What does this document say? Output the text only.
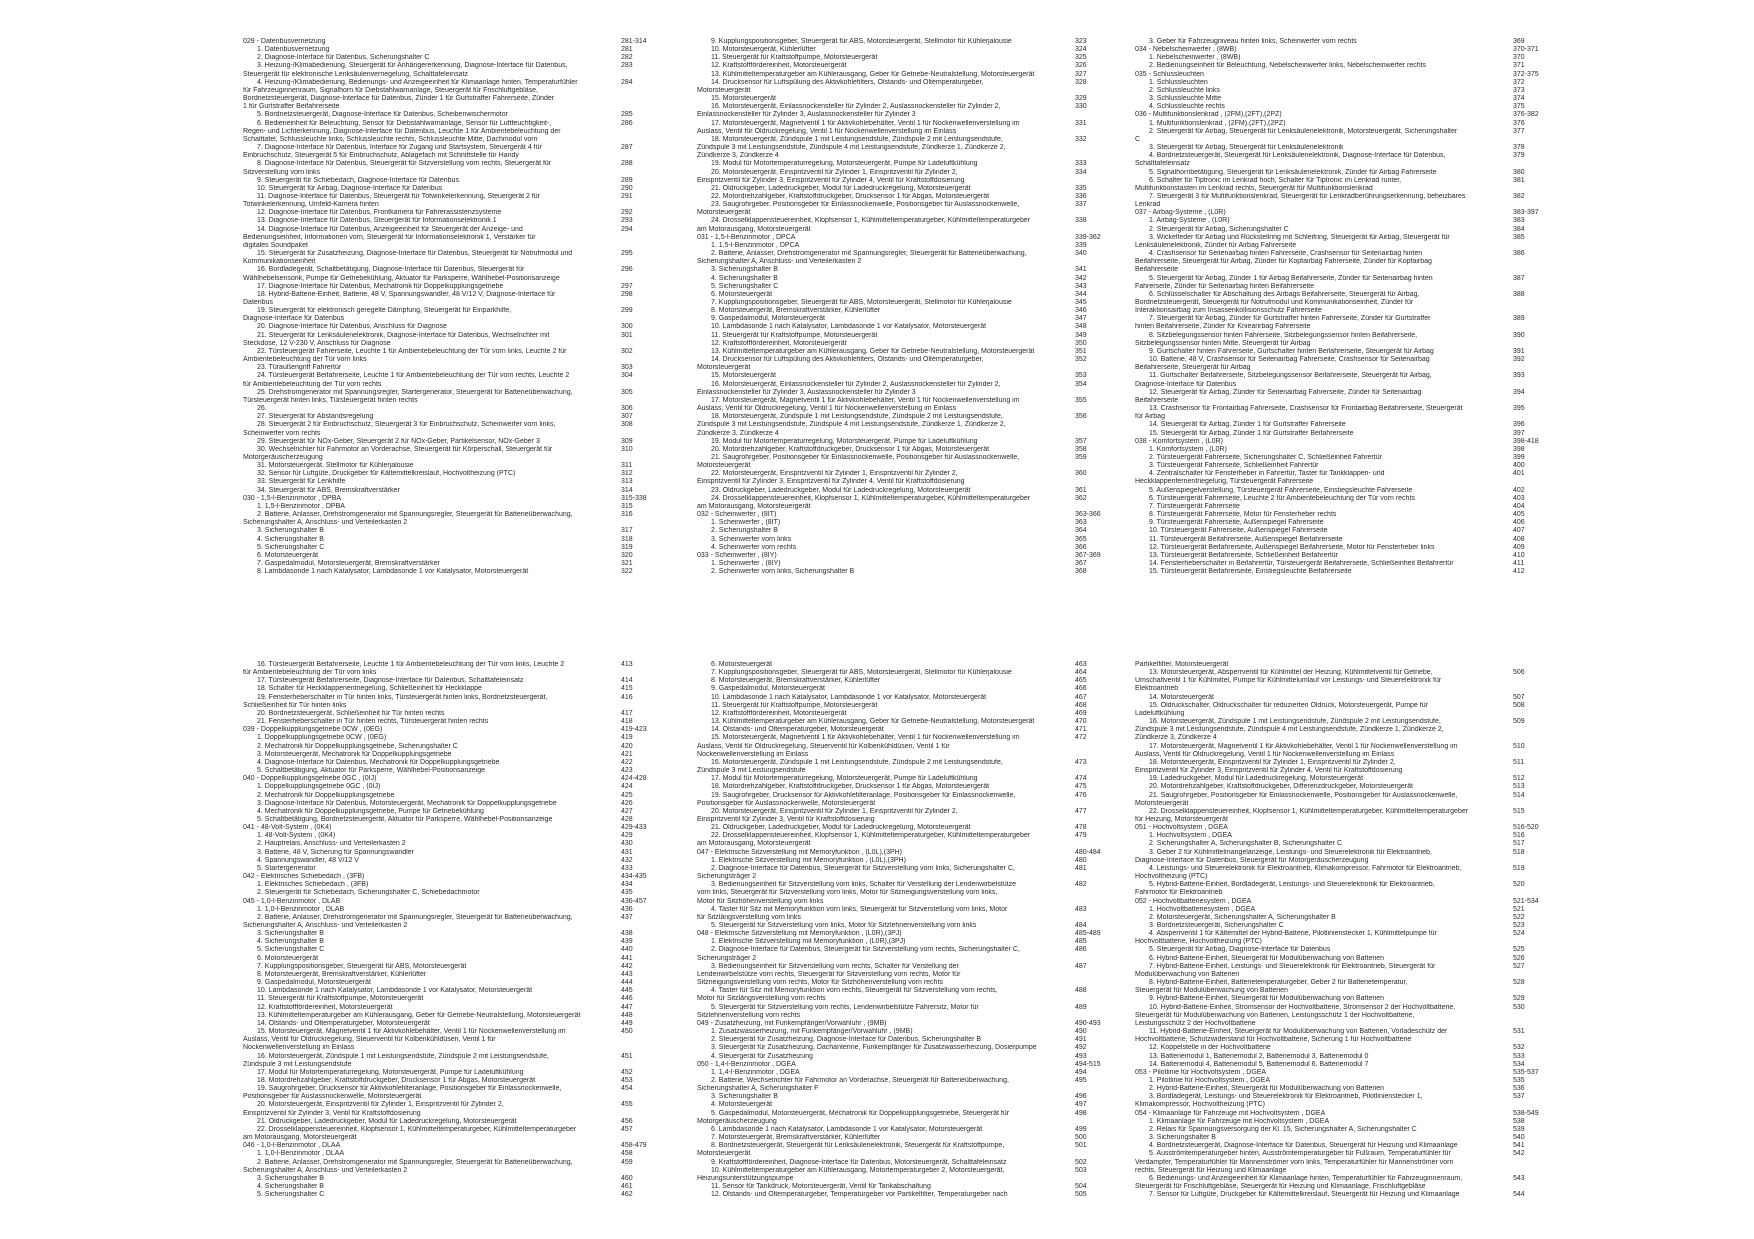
029 - Datenbusvernetzung	281-314
1. Datenbusvernetzung	281
2. Diagnose-Interface für Datenbus, Sicherungshalter C	282
3. Heizung-/Klimabedienung, Steuergerät für Anhängererkennung, Diagnose-Interface für Datenbus,	283
Steuergerät für elektronische Lenksäulenverriegelung, Schalttafeleinsatz
4. Heizung-/Klimabedienung, Bedienungs- und Anzeigeeinheit für Klimaanlage hinten, Temperaturfühler	284
für Fahrzeuginnenraum, Signalhorn für Diebstahlwarnanlage, Steuergerät für Frischluftgebläse,
Bordnetzsteuergerät, Diagnose-Interface für Datenbus, Zünder 1 für Gurtstraffer Fahrerseite, Zünder
1 für Gurtstraffer Beifahrerseite
5. Bordnetzsteuergerät, Diagnose-Interface für Datenbus, Scheibenwischermotor	285
6. Bedieneinheit für Beleuchtung, Sensor für Diebstahlwarnanlage, Sensor für Luftfeuchtigkeit-,	286
Regen- und Lichterkennung, Diagnose-Interface für Datenbus, Leuchte 1 für Ambientebeleuchtung der
Schalttafel, Schlussleuchte links, Schlussleuchte rechts, Schlussleuchte Mitte, Dachmodul vorn
7. Diagnose-Interface für Datenbus, Interface für Zugang und Startsystem, Steuergerät 4 für	287
Einbruchschutz, Steuergerät 5 für Einbruchschutz, Ablagefach mit Schnittstelle für Handy
8. Diagnose-Interface für Datenbus, Steuergerät für Sitzverstellung vorn rechts, Steuergerät für	288
Sitzverstellung vorn links
9. Steuergerät für Schiebedach, Diagnose-Interface für Datenbus	289
10. Steuergerät für Airbag, Diagnose-Interface für Datenbus	290
11. Diagnose-Interface für Datenbus, Steuergerät für Totwinkelerkennung, Steuergerät 2 für	291
Totwinkelerkennung, Umfeld-Kamera hinten
12. Diagnose-Interface für Datenbus, Frontkamera für Fahrerassistenzsysteme	292
13. Diagnose-Interface für Datenbus, Steuergerät für Informationselektronik 1	293
14. Diagnose-Interface für Datenbus, Anzeigeeinheit für Steuergerät der Anzeige- und	294
Bedienungseinheit, Informationen vorn, Steuergerät für Informationselektronik 1, Verstärker für
digitales Soundpaket
15. Steuergerät für Zusatzheizung, Diagnose-Interface für Datenbus, Steuergerät für Notrufmodul und	295
Kommunikationseinheit
16. Bordladegerät, Schaltbetätigung, Diagnose-Interface für Datenbus, Steuergerät für	296
Wählhebelsensorik, Pumpe für Getriebekühlung, Aktuator für Parksperre, Wählhebel-Positionsanzeige
17. Diagnose-Interface für Datenbus, Mechatronik für Doppelkupplungsgetriebe	297
18. Hybrid-Batterie-Einheit, Batterie, 48 V, Spannungswandler, 48 V/12 V, Diagnose-Interface für	298
Datenbus
19. Steuergerät für elektronisch geregelte Dämpfung, Steuergerät für Einparkhilfe,	299
Diagnose-Interface für Datenbus
20. Diagnose-Interface für Datenbus, Anschluss für Diagnose	300
21. Steuergerät für Lenksäulenelektronik, Diagnose-Interface für Datenbus, Wechselrichter mit	301
Steckdose, 12 V-230 V, Anschluss für Diagnose
22. Türsteuergerät Fahrerseite, Leuchte 1 für Ambientebeleuchtung der Tür vorn links, Leuchte 2 für	302
Ambientebeleuchtung der Tür vorn links
23. Türaußengriff Fahrertür	303
24. Türsteuergerät Beifahrerseite, Leuchte 1 für Ambientebeleuchtung der Tür vorn rechts, Leuchte 2	304
für Ambientebeleuchtung der Tür vorn rechts
25. Drehstromgenerator mit Spannungsregler, Startergenerator, Steuergerät für Batterieüberwachung,	305
Türsteuergerät hinten links, Türsteuergerät hinten rechts
26.	306
27. Steuergerät für Abstandsregelung	307
28. Steuergerät 2 für Einbruchschutz, Steuergerät 3 für Einbruchschutz, Scheinwerfer vorn links,	308
Scheinwerfer vorn rechts
29. Steuergerät für NOx-Geber, Steuergerät 2 für NOx-Geber, Partikelsensor, NOx-Geber 3	309
30. Wechselrichter für Fahrmotor an Vorderachse, Steuergerät für Körperschall, Steuergerät für	310
Motorgeräuscherzeugung
31. Motorsteuergerät, Stellmotor für Kühlerjalousie	311
32. Sensor für Luftgüte, Druckgeber für Kältemittelkreislauf, Hochvoltheizung (PTC)	312
33. Steuergerät für Lenkhilfe	313
34. Steuergerät für ABS, Bremskraftverstärker	314
030 - 1,5-l-Benzinmotor , DPBA	315-338
1. 1,5-l-Benzinmotor , DPBA	315
2. Batterie, Anlasser, Drehstromgenerator mit Spannungsregler, Steuergerät für Batterieüberwachung,	316
Sicherungshalter A, Anschluss- und Verteilerkasten 2
3. Sicherungshalter B	317
4. Sicherungshalter B	318
5. Sicherungshalter C	319
6. Motorsteuergerät	320
7. Gaspedalmodul, Motorsteuergerät, Bremskraftverstärker	321
8. Lambdasonde 1 nach Katalysator, Lambdasonde 1 vor Katalysator, Motorsteuergerät	322
9. Kupplungspositionsgeber, Steuergerät für ABS, Motorsteuergerät, Stellmotor für Kühlerjalousie	323
10. Motorsteuergerät, Kühlerlüfter	324
11. Steuergerät für Kraftstoffpumpe, Motorsteuergerät	325
12. Kraftstofffördereinheit, Motorsteuergerät	326
13. Kühlmitteltemperaturgeber am Kühlerausgang, Geber für Getriebe-Neutralstellung, Motorsteuergerät	327
14. Drucksensor für Luftspülung des Aktivkohlefilters, Ölstands- und Öltemperaturgeber,	328
Motorsteuergerät
15. Motorsteuergerät	329
16. Motorsteuergerät, Einlassnockensteller für Zylinder 2, Auslassnockensteller für Zylinder 2,	330
Einlassnockensteller für Zylinder 3, Auslassnockensteller für Zylinder 3
17. Motorsteuergerät, Magnetventil 1 für Aktivkohlebehälter, Ventil 1 für Nockenwellenverstellung im	331
Auslass, Ventil für Öldruckregelung, Ventil 1 für Nockenwellenverstellung im Einlass
18. Motorsteuergerät, Zündspule 1 mit Leistungsendstufe, Zündspule 2 mit Leistungsendstufe,	332
Zündspule 3 mit Leistungsendstufe, Zündspule 4 mit Leistungsendstufe, Zündkerze 1, Zündkerze 2,
Zündkerze 3, Zündkerze 4
19. Modul für Motortemperaturregelung, Motorsteuergerät, Pumpe für Ladeluftkühlung	333
20. Motorsteuergerät, Einspritzventil für Zylinder 1, Einspritzventil für Zylinder 2,	334
Einspritzventil für Zylinder 3, Einspritzventil für Zylinder 4, Ventil für Kraftstoffdosierung
21. Öldruckgeber, Ladedruckgeber, Modul für Ladedruckregelung, Motorsteuergerät	335
22. Motordrehzahlgeber, Kraftstoffdruckgeber, Drucksensor 1 für Abgas, Motorsteuergerät	336
23. Saugrohrgeber, Positionsgeber für Einlassnockenwelle, Positionsgeber für Auslassnockenwelle,	337
Motorsteuergerät
24. Drosselklappensteuereinheit, Klopfsensor 1, Kühlmitteltemperaturgeber, Kühlmitteltemperaturgeber	338
am Motorausgang, Motorsteuergerät
031 - 1,5-l-Benzinmotor , DPCA	339-362
1. 1,5-l-Benzinmotor , DPCA	339
2. Batterie, Anlasser, Drehstromgenerator mit Spannungsregler, Steuergerät für Batterieüberwachung,	340
Sicherungshalter A, Anschluss- und Verteilerkasten 2
3. Sicherungshalter B	341
4. Sicherungshalter B	342
5. Sicherungshalter C	343
6. Motorsteuergerät	344
7. Kupplungspositionsgeber, Steuergerät für ABS, Motorsteuergerät, Stellmotor für Kühlerjalousie	345
8. Motorsteuergerät, Bremskraftverstärker, Kühlerlüfter	346
9. Gaspedalmodul, Motorsteuergerät	347
10. Lambdasonde 1 nach Katalysator, Lambdasonde 1 vor Katalysator, Motorsteuergerät	348
11. Steuergerät für Kraftstoffpumpe, Motorsteuergerät	349
12. Kraftstofffördereinheit, Motorsteuergerät	350
13. Kühlmitteltemperaturgeber am Kühlerausgang, Geber für Getriebe-Neutralstellung, Motorsteuergerät	351
14. Drucksensor für Luftspülung des Aktivkohlefilters, Ölstands- und Öltemperaturgeber,	352
Motorsteuergerät
15. Motorsteuergerät	353
16. Motorsteuergerät, Einlassnockensteller für Zylinder 2, Auslassnockensteller für Zylinder 2,	354
Einlassnockensteller für Zylinder 3, Auslassnockensteller für Zylinder 3
17. Motorsteuergerät, Magnetventil 1 für Aktivkohlebehälter, Ventil 1 für Nockenwellenverstellung im	355
Auslass, Ventil für Öldruckregelung, Ventil 1 für Nockenwellenverstellung im Einlass
18. Motorsteuergerät, Zündspule 1 mit Leistungsendstufe, Zündspule 2 mit Leistungsendstufe,	356
Zündspule 3 mit Leistungsendstufe, Zündspule 4 mit Leistungsendstufe, Zündkerze 1, Zündkerze 2,
Zündkerze 3, Zündkerze 4
19. Modul für Motortemperaturregelung, Motorsteuergerät, Pumpe für Ladeluftkühlung	357
20. Motordrehzahlgeber, Kraftstoffdruckgeber, Drucksensor 1 für Abgas, Motorsteuergerät	358
21. Saugrohrgeber, Positionsgeber für Einlassnockenwelle, Positionsgeber für Auslassnockenwelle,	359
Motorsteuergerät
22. Motorsteuergerät, Einspritzventil für Zylinder 1, Einspritzventil für Zylinder 2,	360
Einspritzventil für Zylinder 3, Einspritzventil für Zylinder 4, Ventil für Kraftstoffdosierung
23. Öldruckgeber, Ladedruckgeber, Modul für Ladedruckregelung, Motorsteuergerät	361
24. Drosselklappensteuereinheit, Klopfsensor 1, Kühlmitteltemperaturgeber, Kühlmitteltemperaturgeber	362
am Motorausgang, Motorsteuergerät
032 - Scheinwerfer , (8IT)	363-366
1. Scheinwerfer , (8IT)	363
2. Sicherungshalter B	364
3. Scheinwerfer vorn links	365
4. Scheinwerfer vorn rechts	366
033 - Scheinwerfer , (8IY)	367-369
1. Scheinwerfer , (8IY)	367
2. Scheinwerfer vorn links, Sicherungshalter B	368
3. Geber für Fahrzeugniveau hinten links, Scheinwerfer vorn rechts	369
034 - Nebelscheinwerfer , (8WB)	370-371
1. Nebelscheinwerfer , (8WB)	370
2. Bedienungseinheit für Beleuchtung, Nebelscheinwerfer links, Nebelscheinwerfer rechts	371
035 - Schlussleuchten	372-375
1. Schlussleuchten	372
2. Schlussleuchte links	373
3. Schlussleuchte Mitte	374
4. Schlussleuchte rechts	375
036 - Multifunktionslenkrad , (2FM),(2FT),(2PZ)	376-382
1. Multifunktionslenkrad , (2FM),(2FT),(2PZ)	376
2. Steuergerät für Airbag, Steuergerät für Lenksäulenelektronik, Motorsteuergerät, Sicherungshalter	377
C
3. Steuergerät für Airbag, Steuergerät für Lenksäulenelektronik	378
4. Bordnetzsteuergerät, Steuergerät für Lenksäulenelektronik, Diagnose-Interface für Datenbus,	379
Schalttafeleinsatz
5. Signalhornbetätigung, Steuergerät für Lenksäulenelektronik, Zünder für Airbag Fahrerseite	380
6. Schalter für Tiptronic im Lenkrad hoch, Schalter für Tiptronic im Lenkrad runter,	381
Multifunktionstasten im Lenkrad rechts, Steuergerät für Multifunktionslenkrad
7. Steuergerät 3 für Multifunktionslenkrad, Steuergerät für Lenkradberührungserkennung, beheizbares	382
Lenkrad
037 - Airbag-Systeme , (L0R)	383-397
1. Airbag-Systeme , (L0R)	383
2. Steuergerät für Airbag, Sicherungshalter C	384
3. Wickelfeder für Airbag und Rückstellring mit Schleifring, Steuergerät für Airbag, Steuergerät für	385
Lenksäulenelektronik, Zünder für Airbag Fahrerseite
4. Crashsensor für Seitenairbag hinten Fahrerseite, Crashsensor für Seitenairbag hinten	386
Beifahrerseite, Steuergerät für Airbag, Zünder für Kopfairbag Fahrerseite, Zünder für Kopfairbag
Beifahrerseite
5. Steuergerät für Airbag, Zünder 1 für Airbag Beifahrerseite, Zünder für Seitenairbag hinten	387
Fahrerseite, Zünder für Seitenairbag hinten Beifahrerseite
6. Schlüsselschalter für Abschaltung des Airbags Beifahrerseite, Steuergerät für Airbag,	388
Bordnetzsteuergerät, Steuergerät für Notrufmodul und Kommunikationseinheit, Zünder für
Interaktionsairbag zum Insassenkollisionsschutz Fahrerseite
7. Steuergerät für Airbag, Zünder für Gurtstraffer hinten Fahrerseite, Zünder für Gurtstraffer	389
hinten Beifahrerseite, Zünder für Kniearirbag Fahrerseite
8. Sitzbelegungssensor hinten Fahrerseite, Sitzbelegungssensor hinten Beifahrerseite,	390
Sitzbelegungssensor hinten Mitte, Steuergerät für Airbag
9. Gurtschalter hinten Fahrerseite, Gurtschalter hinten Beifahrerseite, Steuergerät für Airbag	391
10. Batterie, 48 V, Crashsensor für Seitenairbag Fahrerseite, Crashsensor für Seitenairbag	392
Beifahrerseite, Steuergerät für Airbag
11. Gurtschalter Beifahrerseite, Sitzbelegungssensor Beifahrerseite, Steuergerät für Airbag,	393
Diagnose-Interface für Datenbus
12. Steuergerät für Airbag, Zünder für Seitenairbag Fahrerseite, Zünder für Seitenairbag	394
Beifahrerseite
13. Crashsensor für Frontairbag Fahrerseite, Crashsensor für Frontairbag Beifahrerseite, Steuergerät	395
für Airbag
14. Steuergerät für Airbag, Zünder 1 für Gurtstraffer Fahrerseite	396
15. Steuergerät für Airbag, Zünder 1 für Gurtstraffer Beifahrerseite	397
038 - Komfortsystem , (L0R)	398-418
1. Komfortsystem , (L0R)	398
2. Türsteuergerät Fahrerseite, Sicherungshalter C, Schließeinheit Fahrertür	399
3. Türsteuergerät Fahrerseite, Schließeinheit Fahrertür	400
4. Zentralschalter für Fensterheber in Fahrertür, Taster für Tankklappen- und	401
Heckklappenfernentriegelung, Türsteuergerät Fahrerseite
5. Außenspiegelverstellung, Türsteuergerät Fahrerseite, Einstiegsleuchte Fahrerseite	402
6. Türsteuergerät Fahrerseite, Leuchte 2 für Ambientebeleuchtung der Tür vorn rechts	403
7. Türsteuergerät Fahrerseite	404
8. Türsteuergerät Fahrerseite, Motor für Fensterheber rechts	405
9. Türsteuergerät Fahrerseite, Außenspiegel Fahrerseite	406
10. Türsteuergerät Fahrerseite, Außenspiegel Fahrerseite	407
11. Türsteuergerät Beifahrerseite, Außenspiegel Beifahrerseite	408
12. Türsteuergerät Beifahrerseite, Außenspiegel Beifahrerseite, Motor für Fensterheber links	409
13. Türsteuergerät Beifahrerseite, Schließeinheit Beifahrertür	410
14. Fensterheberschalter in Beifahrertür, Türsteuergerät Beifahrerseite, Schließeinheit Beifahrertür	411
15. Türsteuergerät Beifahrerseite, Einstiegsleuchte Beifahrerseite	412
16. Türsteuergerät Beifahrerseite, Leuchte 1 für Ambientebeleuchtung der Tür vorn links, Leuchte 2	413
für Ambientebeleuchtung der Tür vorn links
17. Türsteuergerät Beifahrerseite, Diagnose-Interface für Datenbus, Schalttafeleinsatz	414
18. Schalter für Heckklappenentriegelung, Schließeinheit für Heckklappe	415
19. Fensterheberschalter in Tür hinten links, Türsteuergerät hinten links, Bordnetzsteuergerät,	416
Schließeinheit für Tür hinten links
20. Bordnetzsteuergerät, Schließeinheit für Tür hinten rechts	417
21. Fensterheberschalter in Tür hinten rechts, Türsteuergerät hinten rechts	418
039 - Doppelkupplungsgetriebe 0CW , (0EG)	419-423
1. Doppelkupplungsgetriebe 0CW , (0EG)	419
2. Mechatronik für Doppelkupplungsgetriebe, Sicherungshalter C	420
3. Motorsteuergerät, Mechatronik für Doppelkupplungsgetriebe	421
4. Diagnose-Interface für Datenbus, Mechatronik für Doppelkupplungsgetriebe	422
5. Schaltbetätigung, Aktuator für Parksperre, Wählhebel-Positionsanzeige	423
040 - Doppelkupplungsgetriebe 0GC , (0IJ)	424-428
1. Doppelkupplungsgetriebe 0GC , (0IJ)	424
2. Mechatronik für Doppelkupplungsgetriebe	425
3. Diagnose-Interface für Datenbus, Motorsteuergerät, Mechatronik für Doppelkupplungsgetriebe	426
4. Mechatronik für Doppelkupplungsgetriebe, Pumpe für Getriebekühlung	427
5. Schaltbetätigung, Bordnetzsteuergerät, Aktuator für Parksperre, Wählhebel-Positionsanzeige	428
041 - 48-Volt-System , (0K4)	429-433
1. 48-Volt-System , (0K4)	429
2. Hauptrelais, Anschluss- und Verteilerkasten 2	430
3. Batterie, 48 V, Sicherung für Spannungswandler	431
4. Spannungswandler, 48 V/12 V	432
5. Startergenerator	433
042 - Elektrisches Schiebedach , (3FB)	434-435
1. Elektrisches Schiebedach , (3FB)	434
2. Steuergerät für Schiebedach, Sicherungshalter C, Schiebedachmotor	435
045 - 1,0-l-Benzinmotor , DLAB	436-457
1. 1,0-l-Benzinmotor , DLAB	436
2. Batterie, Anlasser, Drehstromgenerator mit Spannungsregler, Steuergerät für Batterieüberwachung,	437
Sicherungshalter A, Anschluss- und Verteilerkasten 2
3. Sicherungshalter B	438
4. Sicherungshalter B	439
5. Sicherungshalter C	440
6. Motorsteuergerät	441
7. Kupplungspositionsgeber, Steuergerät für ABS, Motorsteuergerät	442
8. Motorsteuergerät, Bremskraftverstärker, Kühlerlüfter	443
9. Gaspedalmodul, Motorsteuergerät	444
10. Lambdasonde 1 nach Katalysator, Lambdasonde 1 vor Katalysator, Motorsteuergerät	445
11. Steuergerät für Kraftstoffpumpe, Motorsteuergerät	446
12. Kraftstofffördereinheit, Motorsteuergerät	447
13. Kühlmitteltemperaturgeber am Kühlerausgang, Geber für Getriebe-Neutralstellung, Motorsteuergerät	448
14. Ölstands- und Öltemperaturgeber, Motorsteuergerät	449
15. Motorsteuergerät, Magnetventil 1 für Aktivkohlebehälter, Ventil 1 für Nockenwellenverstellung im	450
Auslass, Ventil für Öldruckregelung, Steuerventil für Kolbenkühldüsen, Ventil 1 für
Nockenwellenverstellung im Einlass
16. Motorsteuergerät, Zündspule 1 mit Leistungsendstufe, Zündspule 2 mit Leistungsendstufe,	451
Zündspule 3 mit Leistungsendstufe
17. Modul für Motortemperaturregelung, Motorsteuergerät, Pumpe für Ladeluftkühlung	452
18. Motordrehzahlgeber, Kraftstoffdruckgeber, Drucksensor 1 für Abgas, Motorsteuergerät	453
19. Saugrohrgeber, Drucksensor für Aktivkohlefilteranlage, Positionsgeber für Einlassnockenwelle,	454
Positionsgeber für Auslassnockenwelle, Motorsteuergerät
20. Motorsteuergerät, Einspritzventil für Zylinder 1, Einspritzventil für Zylinder 2,	455
Einspritzventil für Zylinder 3, Ventil für Kraftstoffdosierung
21. Öldruckgeber, Ladedruckgeber, Modul für Ladedruckregelung, Motorsteuergerät	456
22. Drosselklappensteuereinheit, Klopfsensor 1, Kühlmitteltemperaturgeber, Kühlmitteltemperaturgeber	457
am Motorausgang, Motorsteuergerät
046 - 1,0-l-Benzinmotor , DLAA	458-479
1. 1,0-l-Benzinmotor , DLAA	458
2. Batterie, Anlasser, Drehstromgenerator mit Spannungsregler, Steuergerät für Batterieüberwachung,	459
Sicherungshalter A, Anschluss- und Verteilerkasten 2
3. Sicherungshalter B	460
4. Sicherungshalter B	461
5. Sicherungshalter C	462
6. Motorsteuergerät	463
7. Kupplungspositionsgeber, Steuergerät für ABS, Motorsteuergerät, Stellmotor für Kühlerjalousie	464
8. Motorsteuergerät, Bremskraftverstärker, Kühlerlüfter	465
9. Gaspedalmodul, Motorsteuergerät	466
10. Lambdasonde 1 nach Katalysator, Lambdasonde 1 vor Katalysator, Motorsteuergerät	467
11. Steuergerät für Kraftstoffpumpe, Motorsteuergerät	468
12. Kraftstofffördereinheit, Motorsteuergerät	469
13. Kühlmitteltemperaturgeber am Kühlerausgang, Geber für Getriebe-Neutralstellung, Motorsteuergerät	470
14. Ölstands- und Öltemperaturgeber, Motorsteuergerät	471
15. Motorsteuergerät, Magnetventil 1 für Aktivkohlebehälter, Ventil 1 für Nockenwellenverstellung im	472
Auslass, Ventil für Öldruckregelung, Steuerventil für Kolbenkühldüsen, Ventil 1 für
Nockenwellenverstellung im Einlass
16. Motorsteuergerät, Zündspule 1 mit Leistungsendstufe, Zündspule 2 mit Leistungsendstufe,	473
Zündspule 3 mit Leistungsendstufe
17. Modul für Motortemperaturregelung, Motorsteuergerät, Pumpe für Ladeluftkühlung	474
18. Motordrehzahlgeber, Kraftstoffdruckgeber, Drucksensor 1 für Abgas, Motorsteuergerät	475
19. Saugrohrgeber, Drucksensor für Aktivkohlefilteranlage, Positionsgeber für Einlassnockenwelle,	476
Positionsgeber für Auslassnockenwelle, Motorsteuergerät
20. Motorsteuergerät, Einspritzventil für Zylinder 1, Einspritzventil für Zylinder 2,	477
Einspritzventil für Zylinder 3, Ventil für Kraftstoffdosierung
21. Öldruckgeber, Ladedruckgeber, Modul für Ladedruckregelung, Motorsteuergerät	478
22. Drosselklappensteuereinheit, Klopfsensor 1, Kühlmitteltemperaturgeber, Kühlmitteltemperaturgeber	479
am Motorausgang, Motorsteuergerät
047 - Elektrische Sitzverstellung mit Memoryfunktion , (L0L),(3PH)	480-484
1. Elektrische Sitzverstellung mit Memoryfunktion , (L0L),(3PH)	480
2. Diagnose-Interface für Datenbus, Steuergerät für Sitzverstellung vorn links, Sicherungshalter C,	481
Sicherungsträger 2
3. Bedienungseinheit für Sitzverstellung vorn links, Schalter für Verstellung der Lendenwirbelstütze	482
vorn links, Steuergerät für Sitzverstellung vorn links, Motor für Sitzneigungsverstellung vorn links,
Motor für Sitzhöhenverstellung vorn links
4. Taster für Sitz mit Memoryfunktion vorn links, Steuergerät für Sitzverstellung vorn links, Motor	483
für Sitzlängsverstellung vorn links
5. Steuergerät für Sitzverstellung vorn links, Motor für Sitzlehnenverstellung vorn links	484
048 - Elektrische Sitzverstellung mit Memoryfunktion , (L0R),(3PJ)	485-489
1. Elektrische Sitzverstellung mit Memoryfunktion , (L0R),(3PJ)	485
2. Diagnose-Interface für Datenbus, Steuergerät für Sitzverstellung vorn rechts, Sicherungshalter C,	486
Sicherungsträger 2
3. Bedienungseinheit für Sitzverstellung vorn rechts, Schalter für Verstellung der	487
Lendenwirbelstütze vorn rechts, Steuergerät für Sitzverstellung vorn rechts, Motor für
Sitzneigungsverstellung vorn rechts, Motor für Sitzhöhenverstellung vorn rechts
4. Taster für Sitz mit Memoryfunktion vorn rechts, Steuergerät für Sitzverstellung vorn rechts,	488
Motor für Sitzlängsverstellung vorn rechts
5. Steuergerät für Sitzverstellung vorn rechts, Lendenwirbelstütze Fahrersitz, Motor für	489
Sitzlehnenverstellung vorn rechts
049 - Zusatzheizung, mit Funkempfänger/Vorwahluhr , (9MB)	490-493
1. Zusatzwasserheizung, mit Funkempfänger/Vorwahluhr , (9MB)	490
2. Steuergerät für Zusatzheizung, Diagnose-Interface für Datenbus, Sicherungshalter B	491
3. Steuergerät für Zusatzheizung, Dachantenne, Funkempfänger für Zusatzwasserheizung, Dosierpumpe	492
4. Steuergerät für Zusatzheizung	493
050 - 1,4-l-Benzinmotor , DGEA	494-515
1. 1,4-l-Benzinmotor , DGEA	494
2. Batterie, Wechselrichter für Fahrmotor an Vorderachse, Steuergerät für Batterieüberwachung,	495
Sicherungshalter A, Sicherungshalter F
3. Sicherungshalter B	496
4. Motorsteuergerät	497
5. Gaspedalmodul, Motorsteuergerät, Mechatronik für Doppelkupplungsgetriebe, Steuergerät für	498
Motorgeräuscherzeugung
6. Lambdasonde 1 nach Katalysator, Lambdasonde 1 vor Katalysator, Motorsteuergerät	499
7. Motorsteuergerät, Bremskraftverstärker, Kühlerlüfter	500
8. Bordnetzsteuergerät, Steuergerät für Lenksäulenelektronik, Steuergerät für Kraftstoffpumpe,	501
Motorsteuergerät
9. Kraftstofffördereinheit, Diagnose-Interface für Datenbus, Motorsteuergerät, Schalttafeleinsatz	502
10. Kühlmitteltemperaturgeber am Kühlerausgang, Motortemperaturgeber 2, Motorsteuergerät,	503
Heizungsunterstützungspumpe
11. Sensor für Tankdruck, Motorsteuergerät, Ventil für Tankabschaltung	504
12. Ölstands- und Öltemperaturgeber, Temperaturgeber vor Partikelfilter, Temperaturgeber nach	505
Partikelfilter, Motorsteuergerät
13. Motorsteuergerät, Absperrventil für Kühlmittel der Heizung, Kühlmittelventil für Getriebe,	506
Umschaltventil 1 für Kühlmittel, Pumpe für Kühlmittelumlauf vor Leistungs- und Steuerelektronik für
Elektroantrieb
14. Motorsteuergerät	507
15. Öldruckschalter, Öldruckschalter für reduzierten Öldruck, Motorsteuergerät, Pumpe für	508
Ladeluftkühlung
16. Motorsteuergerät, Zündspule 1 mit Leistungsendstufe, Zündspule 2 mit Leistungsendstufe,	509
Zündspule 3 mit Leistungsendstufe, Zündspule 4 mit Leistungsendstufe, Zündkerze 1, Zündkerze 2,
Zündkerze 3, Zündkerze 4
17. Motorsteuergerät, Magnetventil 1 für Aktivkohlebehälter, Ventil 1 für Nockenwellenverstellung im	510
Auslass, Ventil für Öldruckregelung, Ventil 1 für Nockenwellenverstellung im Einlass
18. Motorsteuergerät, Einspritzventil für Zylinder 1, Einspritzventil für Zylinder 2,	511
Einspritzventil für Zylinder 3, Einspritzventil für Zylinder 4, Ventil für Kraftstoffdosierung
19. Ladedruckgeber, Modul für Ladedruckregelung, Motorsteuergerät	512
20. Motordrehzahlgeber, Kraftstoffdruckgeber, Differenzdruckgeber, Motorsteuergerät	513
21. Saugrohrgeber, Positionsgeber für Einlassnockenwelle, Positionsgeber für Auslassnockenwelle,	514
Motorsteuergerät
22. Drosselklappensteuereinheit, Klopfsensor 1, Kühlmitteltemperaturgeber, Kühlmitteltemperaturgeber	515
für Heizung, Motorsteuergerät
051 - Hochvoltsystem , DGEA	516-520
1. Hochvoltsystem , DGEA	516
2. Sicherungshalter A, Sicherungshalter B, Sicherungshalter C	517
3. Geber 2 für Kühlmittelmangelanzeige, Leistungs- und Steuerelektronik für Elektroantrieb,	518
Diagnose-Interface für Datenbus, Steuergerät für Motorgeräuscherzeugung
4. Leistungs- und Steuerelektronik für Elektroantrieb, Klimakompressor, Fahrmotor für Elektroantrieb,	519
Hochvoltheizung (PTC)
5. Hybrid-Batterie-Einheit, Bordladegerät, Leistungs- und Steuerelektronik für Elektroantrieb,	520
Fahrmotor für Elektroantrieb
052 - Hochvoltbatteriesystem , DGEA	521-534
1. Hochvoltbatteriesystem , DGEA	521
2. Motorsteuergerät, Sicherungshalter A, Sicherungshalter B	522
3. Bordnetzsteuergerät, Sicherungshalter C	523
4. Absperrventil 1 für Kältemittel der Hybrid-Batterie, Pilotlinienstecker 1, Kühlmittelpumpe für	524
Hochvoltbatterie, Hochvoltheizung (PTC)
5. Steuergerät für Airbag, Diagnose-Interface für Datenbus	525
6. Hybrid-Batterie-Einheit, Steuergerät für Modulüberwachung von Batterien	526
7. Hybrid-Batterie-Einheit, Leistungs- und Steuerelektronik für Elektroantrieb, Steuergerät für	527
Modulüberwachung von Batterien
8. Hybrid-Batterie-Einheit, Batterietemperaturgeber, Geber 2 für Batterietemperatur,	528
Steuergerät für Modulüberwachung von Batterien
9. Hybrid-Batterie-Einheit, Steuergerät für Modulüberwachung von Batterien	529
10. Hybrid-Batterie-Einheit, Stromsensor der Hochvoltbatterie, Stromsensor 2 der Hochvoltbatterie,	530
Steuergerät für Modulüberwachung von Batterien, Leistungsschütz 1 der Hochvoltbatterie,
Leistungsschütz 2 der Hochvoltbatterie
11. Hybrid-Batterie-Einheit, Steuergerät für Modulüberwachung von Batterien, Vorladeschütz der	531
Hochvoltbatterie, Schutzwiderstand für Hochvoltbatterie, Sicherung 1 für Hochvoltbatterie
12. Koppelstelle in der Hochvoltbatterie	532
13. Batteriemodul 1, Batteriemodul 2, Batteriemodul 3, Batteriemodul 0	533
14. Batteriemodul 4, Batteriemodul 5, Batteriemodul 6, Batteriemodul 7	534
053 - Pilotlinie für Hochvoltsystem , DGEA	535-537
1. Pilotlinie für Hochvoltsystem , DGEA	535
2. Hybrid-Batterie-Einheit, Steuergerät für Modulüberwachung von Batterien	536
3. Bordladegerät, Leistungs- und Steuerelektronik für Elektroantrieb, Pilotlinienstecker 1,	537
Klimakompressor, Hochvoltheizung (PTC)
054 - Klimaanlage für Fahrzeuge mit Hochvoltsystem , DGEA	538-549
1. Klimaanlage für Fahrzeuge mit Hochvoltsystem , DGEA	538
2. Relais für Spannungsversorgung der Kl. 15, Sicherungshalter A, Sicherungshalter C	539
3. Sicherungshalter B	540
4. Bordnetzsteuergerät, Diagnose-Interface für Datenbus, Steuergerät für Heizung und Klimaanlage	541
5. Ausströmtemperaturgeber hinten, Ausströmtemperaturgeber für Fußraum, Temperaturfühler für	542
Verdampfer, Temperaturfühler für Mannenströmer vorn links, Temperaturfühler für Mannenströmer vorn
rechts, Steuergerät für Heizung und Klimaanlage
6. Bedienungs- und Anzeigeeinheit für Klimaanlage hinten, Temperaturfühler für Fahrzeuginnenraum,	543
Steuergerät für Frischluftgebläse, Steuergerät für Heizung und Klimaanlage, Frischluftgebläse
7. Sensor für Luftgüte, Druckgeber für Kältemittelkreislauf, Steuergerät für Heizung und Klimaanlage	544
